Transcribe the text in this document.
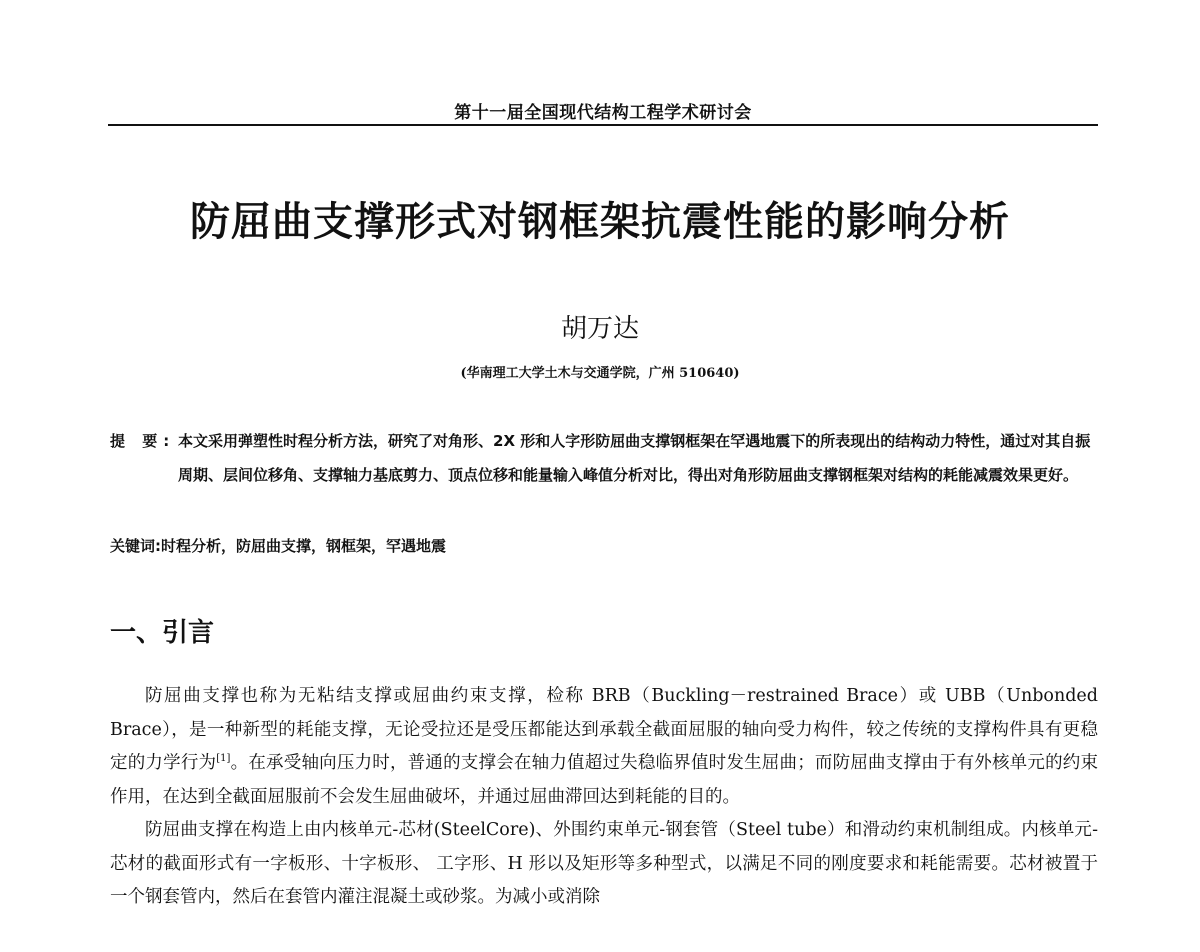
第十一届全国现代结构工程学术研讨会
防屈曲支撑形式对钢框架抗震性能的影响分析
胡万达
(华南理工大学土木与交通学院，广州 510640)
提 要: 本文采用弹塑性时程分析方法，研究了对角形、2X 形和人字形防屈曲支撑钢框架在罕遇地震下的所表现出的结构动力特性，通过对其自振周期、层间位移角、支撑轴力基底剪力、顶点位移和能量输入峰值分析对比，得出对角形防屈曲支撑钢框架对结构的耗能减震效果更好。
关键词:时程分析，防屈曲支撑，钢框架，罕遇地震
一、引言

防屈曲支撑也称为无粘结支撑或屈曲约束支撑，检称 BRB（Buckling－restrained Brace）或 UBB（Unbonded Brace），是一种新型的耗能支撑，无论受拉还是受压都能达到承载全截面屈服的轴向受力构件，较之传统的支撑构件具有更稳定的力学行为[1]。在承受轴向压力时，普通的支撑会在轴力值超过失稳临界值时发生屈曲；而防屈曲支撑由于有外核单元的约束作用，在达到全截面屈服前不会发生屈曲破坏，并通过屈曲滞回达到耗能的目的。

防屈曲支撑在构造上由内核单元-芯材(SteelCore)、外围约束单元-钢套管（Steel tube）和滑动约束机制组成。内核单元-芯材的截面形式有一字板形、十字板形、 工字形、H 形以及矩形等多种型式，以满足不同的刚度要求和耗能需要。芯材被置于一个钢套管内，然后在套管内灌注混凝土或砂浆。为减小或消除
